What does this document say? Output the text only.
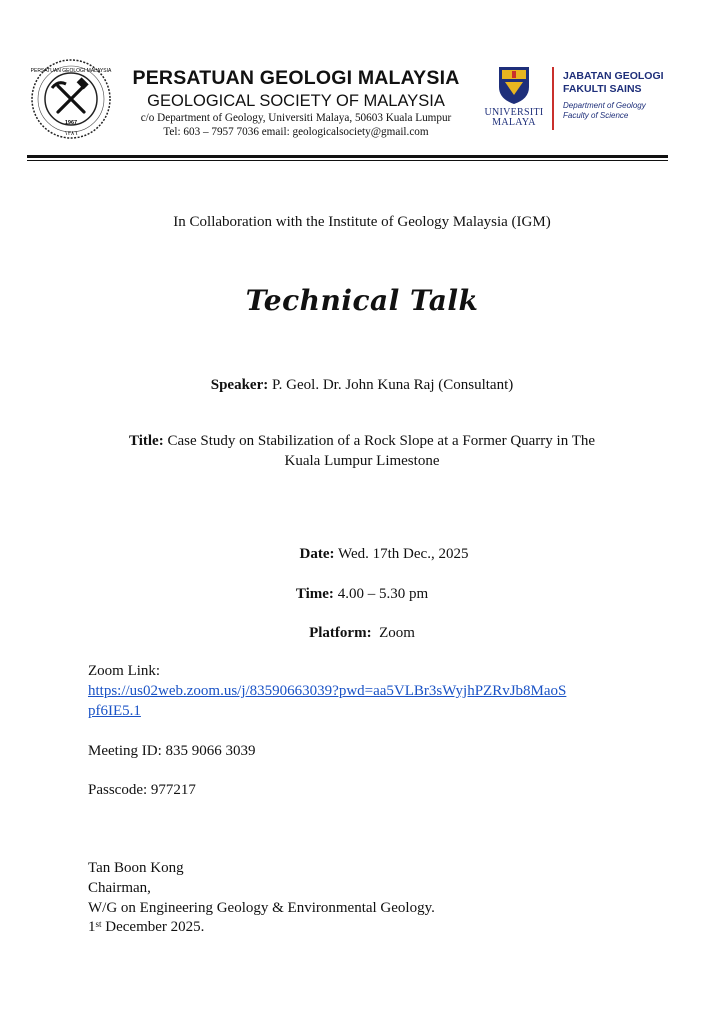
PERSATUAN GEOLOGI MALAYSIA
1967
١٣٨٦
PERSATUAN GEOLOGI MALAYSIA
GEOLOGICAL SOCIETY OF MALAYSIA
c/o Department of Geology, Universiti Malaya, 50603 Kuala Lumpur
Tel: 603 – 7957 7036 email: geologicalsociety@gmail.com
UNIVERSITI
MALAYA
JABATAN GEOLOGI
FAKULTI SAINS
Department of Geology
Faculty of Science
In Collaboration with the Institute of Geology Malaysia (IGM)
Technical Talk
Speaker: P. Geol. Dr. John Kuna Raj (Consultant)
Title: Case Study on Stabilization of a Rock Slope at a Former Quarry in The
Kuala Lumpur Limestone
Date: Wed. 17th Dec., 2025
Time: 4.00 – 5.30 pm
Platform: Zoom
Zoom Link:
https://us02web.zoom.us/j/83590663039?pwd=aa5VLBr3sWyjhPZRvJb8MaoS
pf6IE5.1
Meeting ID: 835 9066 3039
Passcode: 977217
Tan Boon Kong
Chairman,
W/G on Engineering Geology & Environmental Geology.
1st December 2025.
